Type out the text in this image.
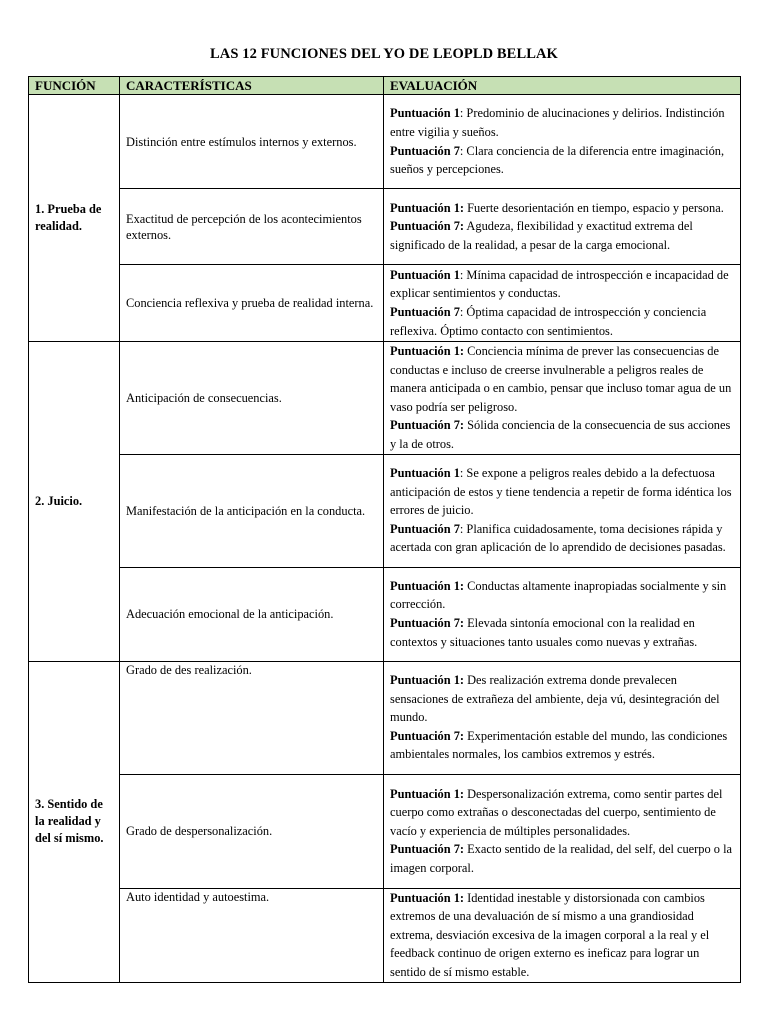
LAS 12 FUNCIONES DEL YO DE LEOPLD BELLAK
FUNCIÓN	CARACTERÍSTICAS	EVALUACIÓN
1. Prueba de realidad.	Distinción entre estímulos internos y externos.	Puntuación 1: Predominio de alucinaciones y delirios. Indistinción entre vigilia y sueños.

Puntuación 7: Clara conciencia de la diferencia entre imaginación, sueños y percepciones.

	Exactitud de percepción de los acontecimientos externos.	Puntuación 1: Fuerte desorientación en tiempo, espacio y persona.

Puntuación 7: Agudeza, flexibilidad y exactitud extrema del significado de la realidad, a pesar de la carga emocional.

	Conciencia reflexiva y prueba de realidad interna.	Puntuación 1: Mínima capacidad de introspección e incapacidad de explicar sentimientos y conductas.

Puntuación 7: Óptima capacidad de introspección y conciencia reflexiva. Óptimo contacto con sentimientos.

2. Juicio.	Anticipación de consecuencias.	Puntuación 1: Conciencia mínima de prever las consecuencias de conductas e incluso de creerse invulnerable a peligros reales de manera anticipada o en cambio, pensar que incluso tomar agua de un vaso podría ser peligroso.

Puntuación 7: Sólida conciencia de la consecuencia de sus acciones y la de otros.

	Manifestación de la anticipación en la conducta.	Puntuación 1: Se expone a peligros reales debido a la defectuosa anticipación de estos y tiene tendencia a repetir de forma idéntica los errores de juicio.

Puntuación 7: Planifica cuidadosamente, toma decisiones rápida y acertada con gran aplicación de lo aprendido de decisiones pasadas.

	Adecuación emocional de la anticipación.	Puntuación 1: Conductas altamente inapropiadas socialmente y sin corrección.

Puntuación 7: Elevada sintonía emocional con la realidad en contextos y situaciones tanto usuales como nuevas y extrañas.

3. Sentido de la realidad y del sí mismo.	Grado de des realización.	Puntuación 1: Des realización extrema donde prevalecen sensaciones de extrañeza del ambiente, deja vú, desintegración del mundo.

Puntuación 7: Experimentación estable del mundo, las condiciones ambientales normales, los cambios extremos y estrés.

	Grado de despersonalización.	Puntuación 1: Despersonalización extrema, como sentir partes del cuerpo como extrañas o desconectadas del cuerpo, sentimiento de vacío y experiencia de múltiples personalidades.

Puntuación 7: Exacto sentido de la realidad, del self, del cuerpo o la imagen corporal.

	Auto identidad y autoestima.	Puntuación 1: Identidad inestable y distorsionada con cambios extremos de una devaluación de sí mismo a una grandiosidad extrema, desviación excesiva de la imagen corporal a la real y el feedback continuo de origen externo es ineficaz para lograr un sentido de sí mismo estable.
